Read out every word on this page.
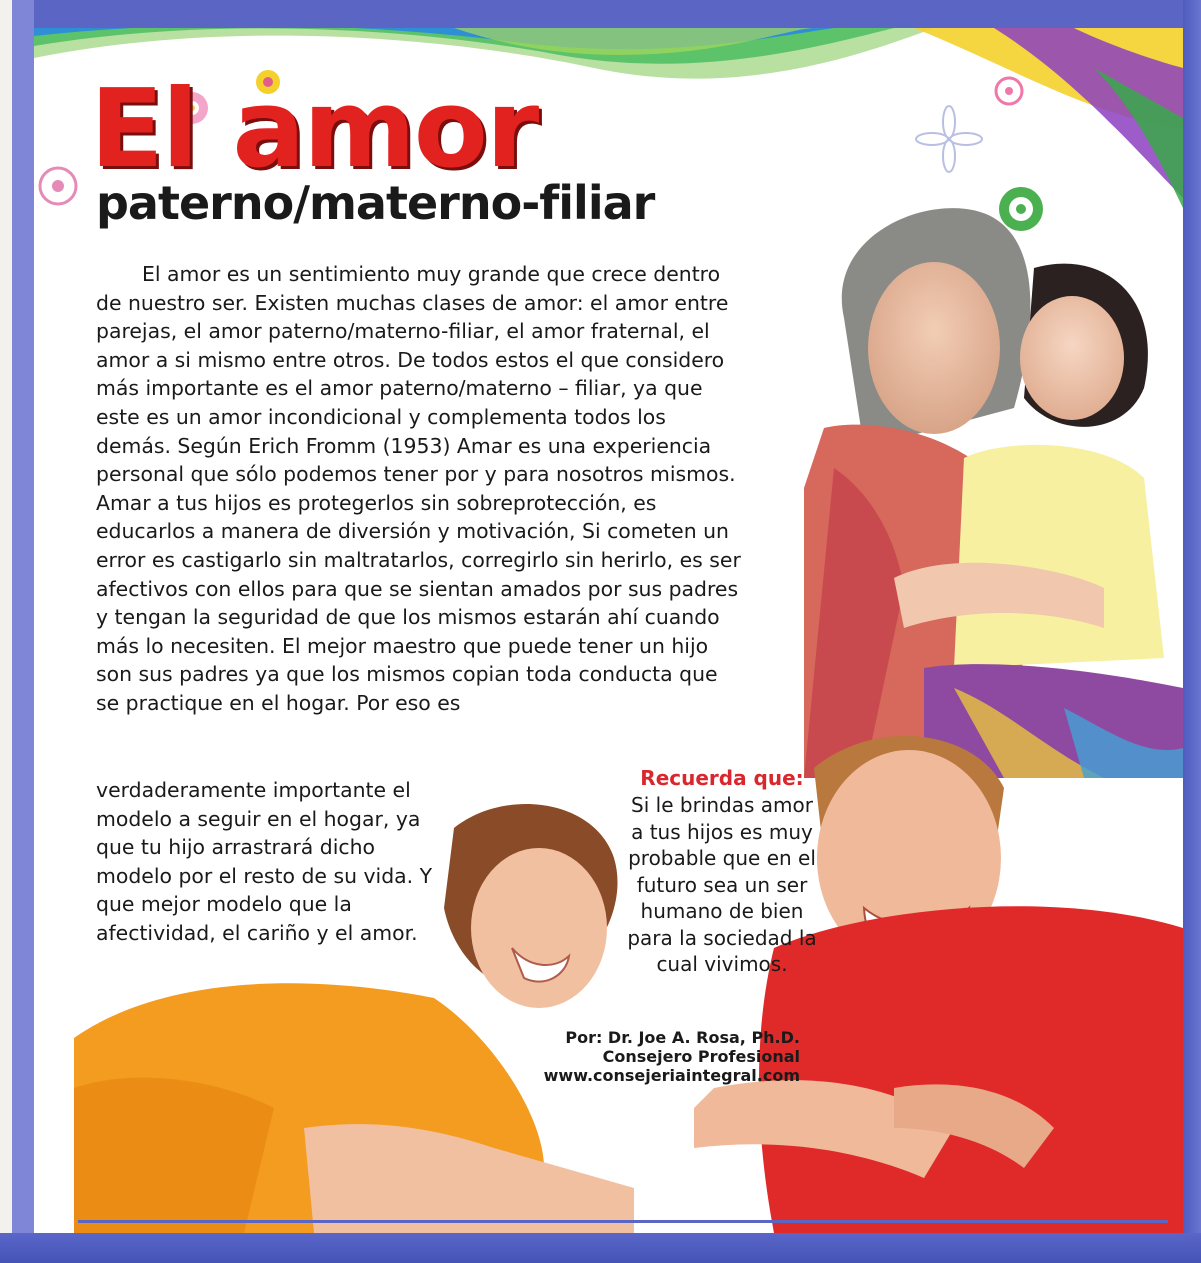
El amor
paterno/materno-filiar

El amor es un sentimiento muy grande que crece dentro de nuestro ser. Existen muchas clases de amor: el amor entre parejas, el amor paterno/materno-filiar, el amor fraternal, el amor a si mismo entre otros. De todos estos el que considero más importante es el amor paterno/materno – filiar, ya que este es un amor incondicional y complementa todos los demás. Según Erich Fromm (1953) Amar es una experiencia personal que sólo podemos tener por y para nosotros mismos. Amar a tus hijos es protegerlos sin sobreprotección, es educarlos a manera de diversión y motivación, Si cometen un error es castigarlo sin maltratarlos, corregirlo sin herirlo, es ser afectivos con ellos para que se sientan amados por sus padres y tengan la seguridad de que los mismos estarán ahí cuando más lo necesiten. El mejor maestro que puede tener un hijo son sus padres ya que los mismos copian toda conducta que se practique en el hogar. Por eso es

verdaderamente importante el modelo a seguir en el hogar, ya que tu hijo arrastrará dicho modelo por el resto de su vida. Y que mejor modelo que la afectividad, el cariño y el amor.

Recuerda que:

Si le brindas amor a tus hijos es muy probable que en el futuro sea un ser humano de bien para la sociedad la cual vivimos.

Por: Dr. Joe A. Rosa, Ph.D.
Consejero Profesional
www.consejeriaintegral.com
